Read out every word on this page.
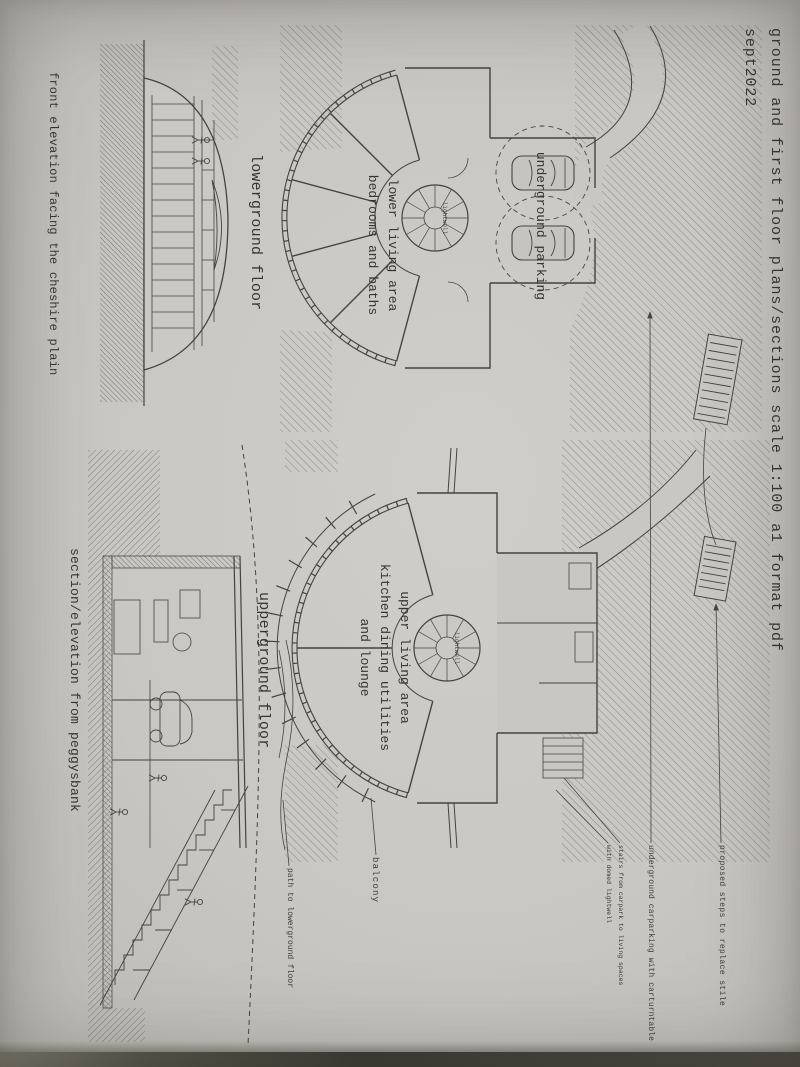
ground and first floor plans/sections scale 1:100 a1 format pdf
sept2022
lowerground floor
upperground floor
front elevation facing the cheshire plain
section/elevation from peggysbank
lower living area
bedrooms and baths	underground parking
upper living area
kitchen dining utilities
and lounge
lightwell
lightwell
proposed steps to replace stile
underground carparking with carturntable
stairs from carpark to living spaces
with domed lightwell
balcony
path to lowerground floor
